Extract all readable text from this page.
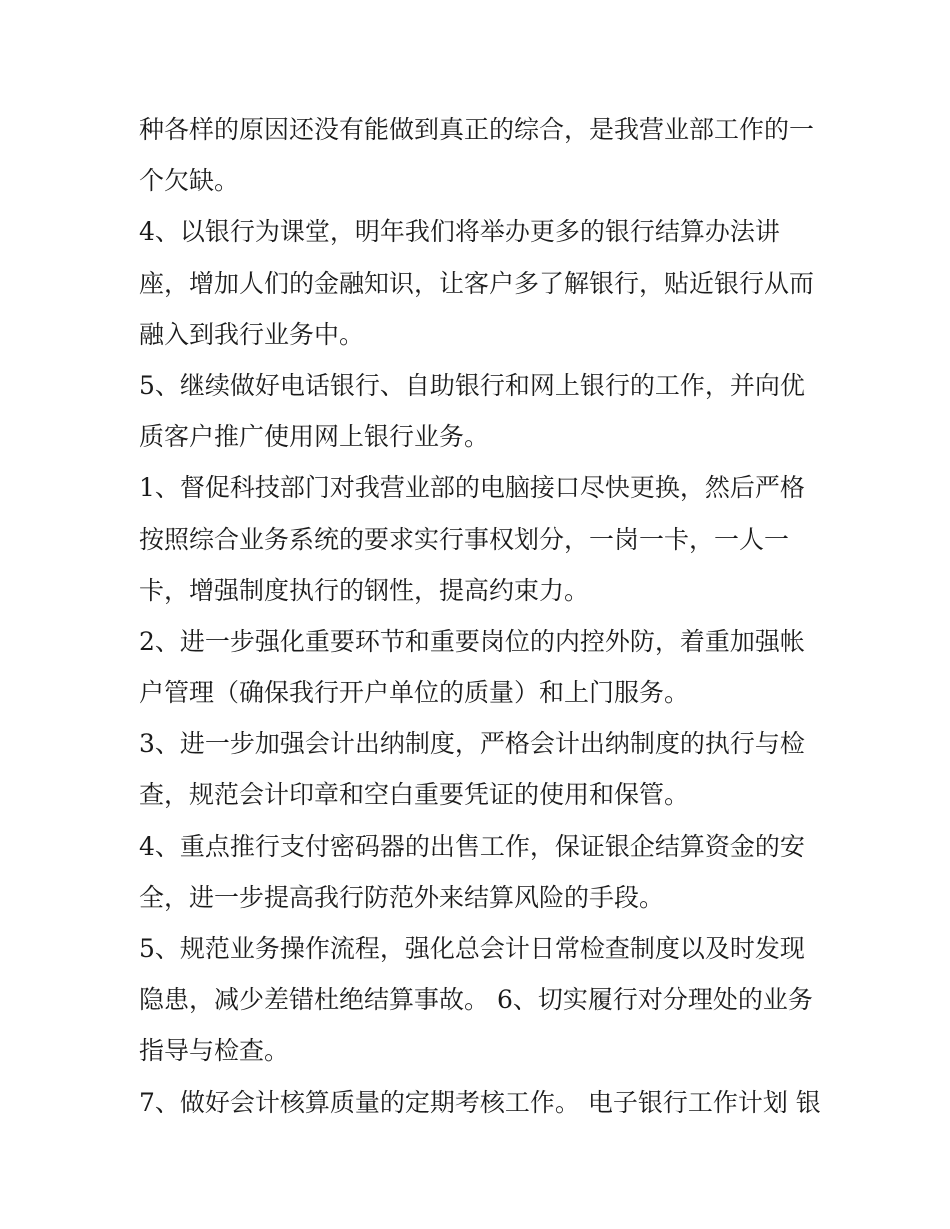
种各样的原因还没有能做到真正的综合，是我营业部工作的一
个欠缺。
4、以银行为课堂，明年我们将举办更多的银行结算办法讲
座，增加人们的金融知识，让客户多了解银行，贴近银行从而
融入到我行业务中。
5、继续做好电话银行、自助银行和网上银行的工作，并向优
质客户推广使用网上银行业务。
1、督促科技部门对我营业部的电脑接口尽快更换，然后严格
按照综合业务系统的要求实行事权划分，一岗一卡，一人一
卡，增强制度执行的钢性，提高约束力。
2、进一步强化重要环节和重要岗位的内控外防，着重加强帐
户管理（确保我行开户单位的质量）和上门服务。
3、进一步加强会计出纳制度，严格会计出纳制度的执行与检
查，规范会计印章和空白重要凭证的使用和保管。
4、重点推行支付密码器的出售工作，保证银企结算资金的安
全，进一步提高我行防范外来结算风险的手段。
5、规范业务操作流程，强化总会计日常检查制度以及时发现
隐患，减少差错杜绝结算事故。 6、切实履行对分理处的业务
指导与检查。
7、做好会计核算质量的定期考核工作。 电子银行工作计划 银
